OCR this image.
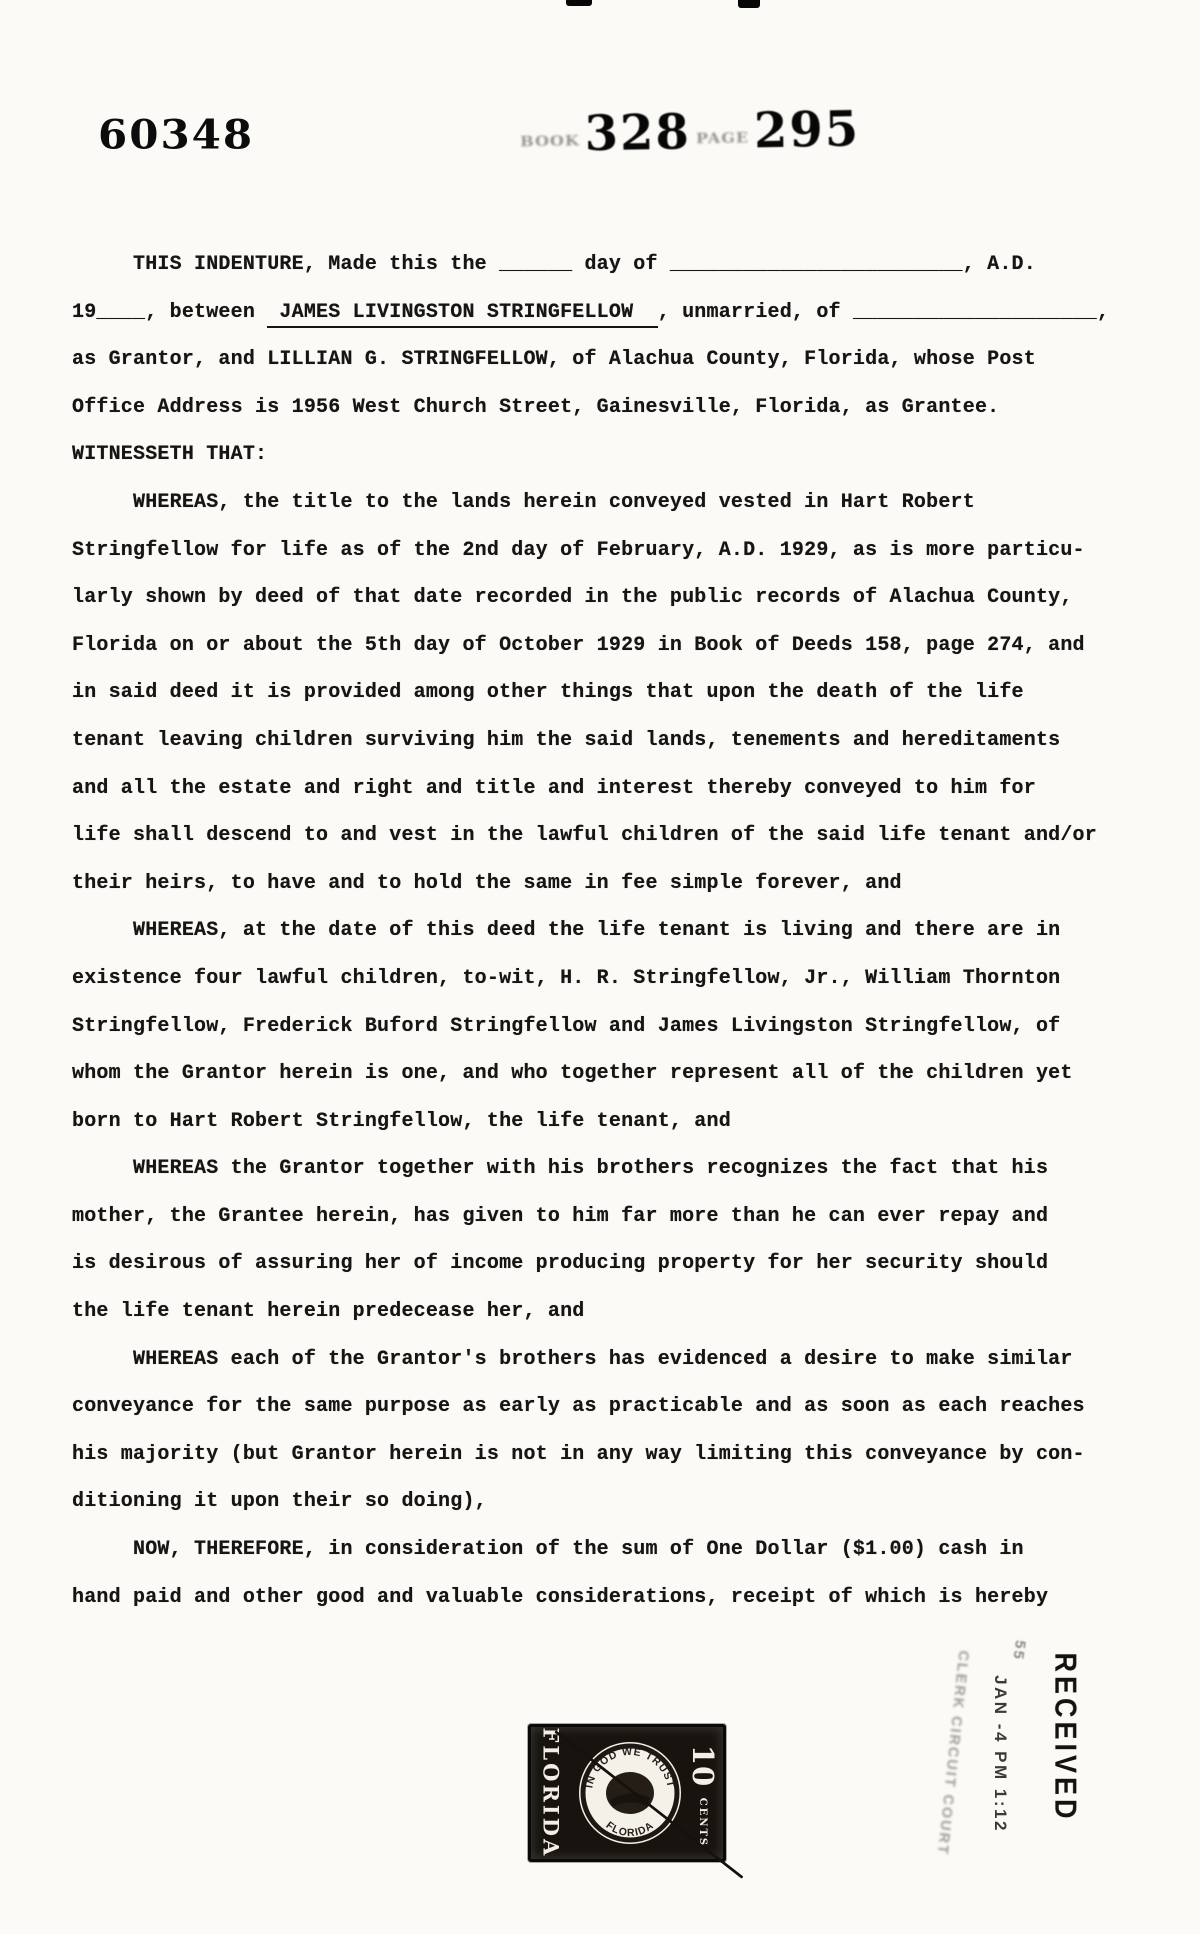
60348	BOOK 328 PAGE 295
THIS INDENTURE, Made this the ______ day of ________________________, A.D.
19____, between  JAMES LIVINGSTON STRINGFELLOW  , unmarried, of ____________________,
as Grantor, and LILLIAN G. STRINGFELLOW, of Alachua County, Florida, whose Post
Office Address is 1956 West Church Street, Gainesville, Florida, as Grantee.
WITNESSETH THAT:
WHEREAS, the title to the lands herein conveyed vested in Hart Robert
Stringfellow for life as of the 2nd day of February, A.D. 1929, as is more particu-
larly shown by deed of that date recorded in the public records of Alachua County,
Florida on or about the 5th day of October 1929 in Book of Deeds 158, page 274, and
in said deed it is provided among other things that upon the death of the life
tenant leaving children surviving him the said lands, tenements and hereditaments
and all the estate and right and title and interest thereby conveyed to him for
life shall descend to and vest in the lawful children of the said life tenant and/or
their heirs, to have and to hold the same in fee simple forever, and
WHEREAS, at the date of this deed the life tenant is living and there are in
existence four lawful children, to-wit, H. R. Stringfellow, Jr., William Thornton
Stringfellow, Frederick Buford Stringfellow and James Livingston Stringfellow, of
whom the Grantor herein is one, and who together represent all of the children yet
born to Hart Robert Stringfellow, the life tenant, and
WHEREAS the Grantor together with his brothers recognizes the fact that his
mother, the Grantee herein, has given to him far more than he can ever repay and
is desirous of assuring her of income producing property for her security should
the life tenant herein predecease her, and
WHEREAS each of the Grantor's brothers has evidenced a desire to make similar
conveyance for the same purpose as early as practicable and as soon as each reaches
his majority (but Grantor herein is not in any way limiting this conveyance by con-
ditioning it upon their so doing),
NOW, THEREFORE, in consideration of the sum of One Dollar ($1.00) cash in
hand paid and other good and valuable considerations, receipt of which is hereby
FLORIDA IN GOD WE TRUST
FLORIDA
10 CENTS	RECEIVED
JAN -4 PM 1:12
55
CLERK CIRCUIT COURT
